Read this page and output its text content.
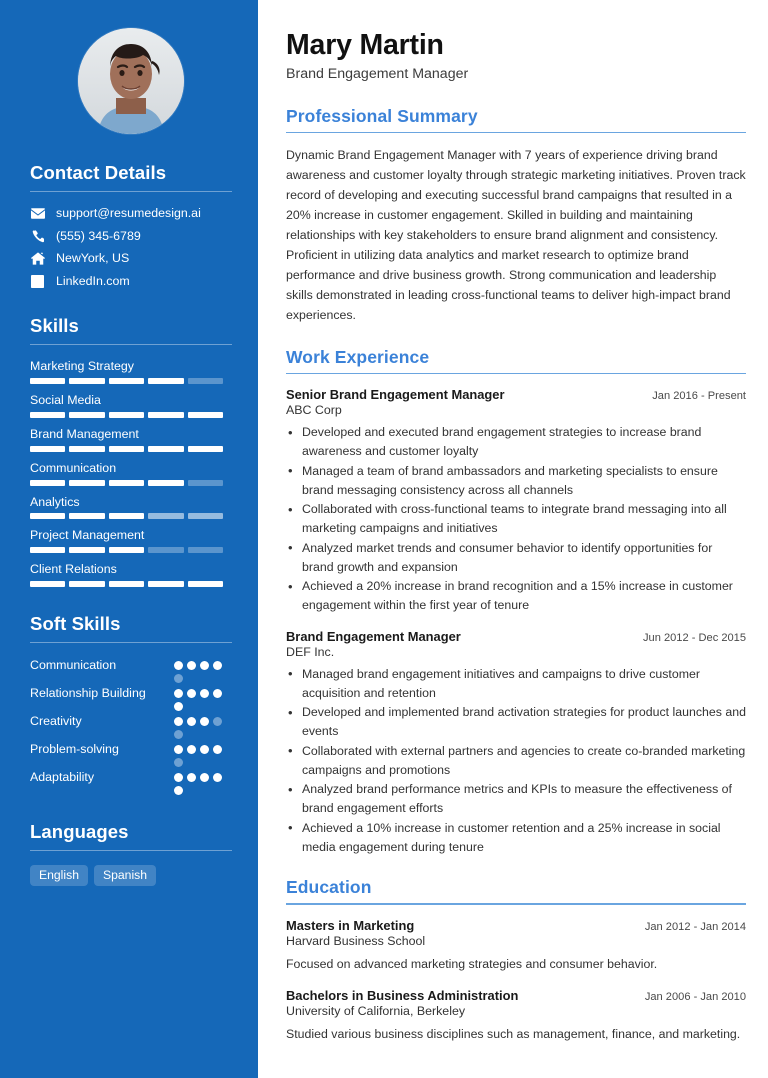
Contact Details
support@resumedesign.ai
(555) 345-6789
NewYork, US
LinkedIn.com
Skills
Marketing Strategy
Social Media
Brand Management
Communication
Analytics
Project Management
Client Relations
Soft Skills
Communication
Relationship Building
Creativity
Problem-solving
Adaptability
Languages
English	Spanish
Mary Martin
Brand Engagement Manager
Professional Summary

Dynamic Brand Engagement Manager with 7 years of experience driving brand awareness and customer loyalty through strategic marketing initiatives. Proven track record of developing and executing successful brand campaigns that resulted in a 20% increase in customer engagement. Skilled in building and maintaining relationships with key stakeholders to ensure brand alignment and consistency. Proficient in utilizing data analytics and market research to optimize brand performance and drive business growth. Strong communication and leadership skills demonstrated in leading cross-functional teams to deliver high-impact brand experiences.

Work Experience
Senior Brand Engagement Manager	Jan 2016 - Present
ABC Corp
• Developed and executed brand engagement strategies to increase brand awareness and customer loyalty
• Managed a team of brand ambassadors and marketing specialists to ensure brand messaging consistency across all channels
• Collaborated with cross-functional teams to integrate brand messaging into all marketing campaigns and initiatives
• Analyzed market trends and consumer behavior to identify opportunities for brand growth and expansion
• Achieved a 20% increase in brand recognition and a 15% increase in customer engagement within the first year of tenure
Brand Engagement Manager	Jun 2012 - Dec 2015
DEF Inc.
• Managed brand engagement initiatives and campaigns to drive customer acquisition and retention
• Developed and implemented brand activation strategies for product launches and events
• Collaborated with external partners and agencies to create co-branded marketing campaigns and promotions
• Analyzed brand performance metrics and KPIs to measure the effectiveness of brand engagement efforts
• Achieved a 10% increase in customer retention and a 25% increase in social media engagement during tenure
Education
Masters in Marketing	Jan 2012 - Jan 2014
Harvard Business School
Focused on advanced marketing strategies and consumer behavior.
Bachelors in Business Administration	Jan 2006 - Jan 2010
University of California, Berkeley
Studied various business disciplines such as management, finance, and marketing.
